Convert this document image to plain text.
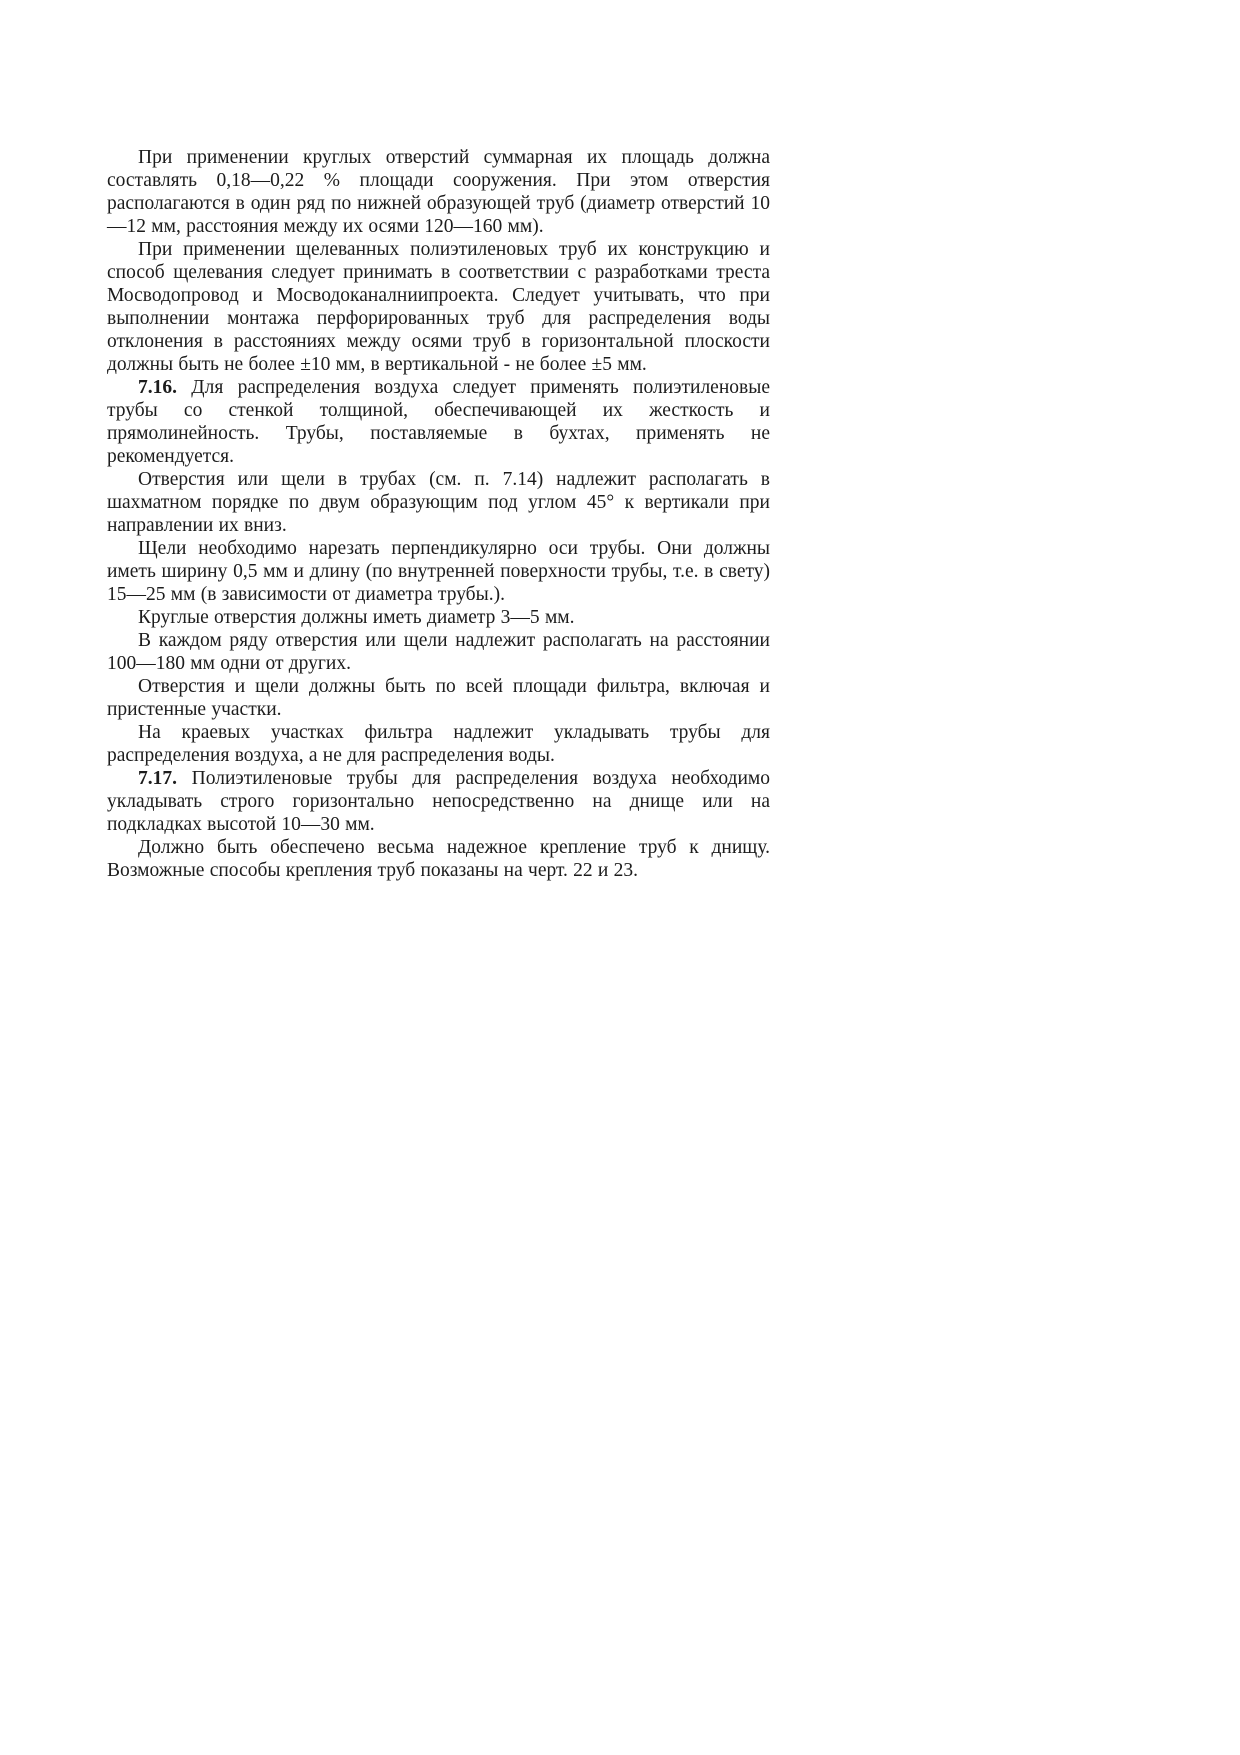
При применении круглых отверстий суммарная их площадь должна составлять 0,18—0,22 % площади сооружения. При этом отверстия располагаются в один ряд по нижней образующей труб (диаметр отверстий 10—12 мм, расстояния между их осями 120—160 мм).

При применении щелеванных полиэтиленовых труб их конструкцию и способ щелевания следует принимать в соответствии с разработками треста Мосводопровод и Мосводоканалниипроекта. Следует учитывать, что при выполнении монтажа перфорированных труб для распределения воды отклонения в расстояниях между осями труб в горизонтальной плоскости должны быть не более ±10 мм, в вертикальной - не более ±5 мм.

7.16. Для распределения воздуха следует применять полиэтиленовые трубы со стенкой толщиной, обеспечивающей их жесткость и прямолинейность. Трубы, поставляемые в бухтах, применять не рекомендуется.

Отверстия или щели в трубах (см. п. 7.14) надлежит располагать в шахматном порядке по двум образующим под углом 45° к вертикали при направлении их вниз.

Щели необходимо нарезать перпендикулярно оси трубы. Они должны иметь ширину 0,5 мм и длину (по внутренней поверхности трубы, т.е. в свету) 15—25 мм (в зависимости от диаметра трубы.).

Круглые отверстия должны иметь диаметр 3—5 мм.

В каждом ряду отверстия или щели надлежит располагать на расстоянии 100—180 мм одни от других.

Отверстия и щели должны быть по всей площади фильтра, включая и пристенные участки.

На краевых участках фильтра надлежит укладывать трубы для распределения воздуха, а не для распределения воды.

7.17. Полиэтиленовые трубы для распределения воздуха необходимо укладывать строго горизонтально непосредственно на днище или на подкладках высотой 10—30 мм.

Должно быть обеспечено весьма надежное крепление труб к днищу. Возможные способы крепления труб показаны на черт. 22 и 23.
